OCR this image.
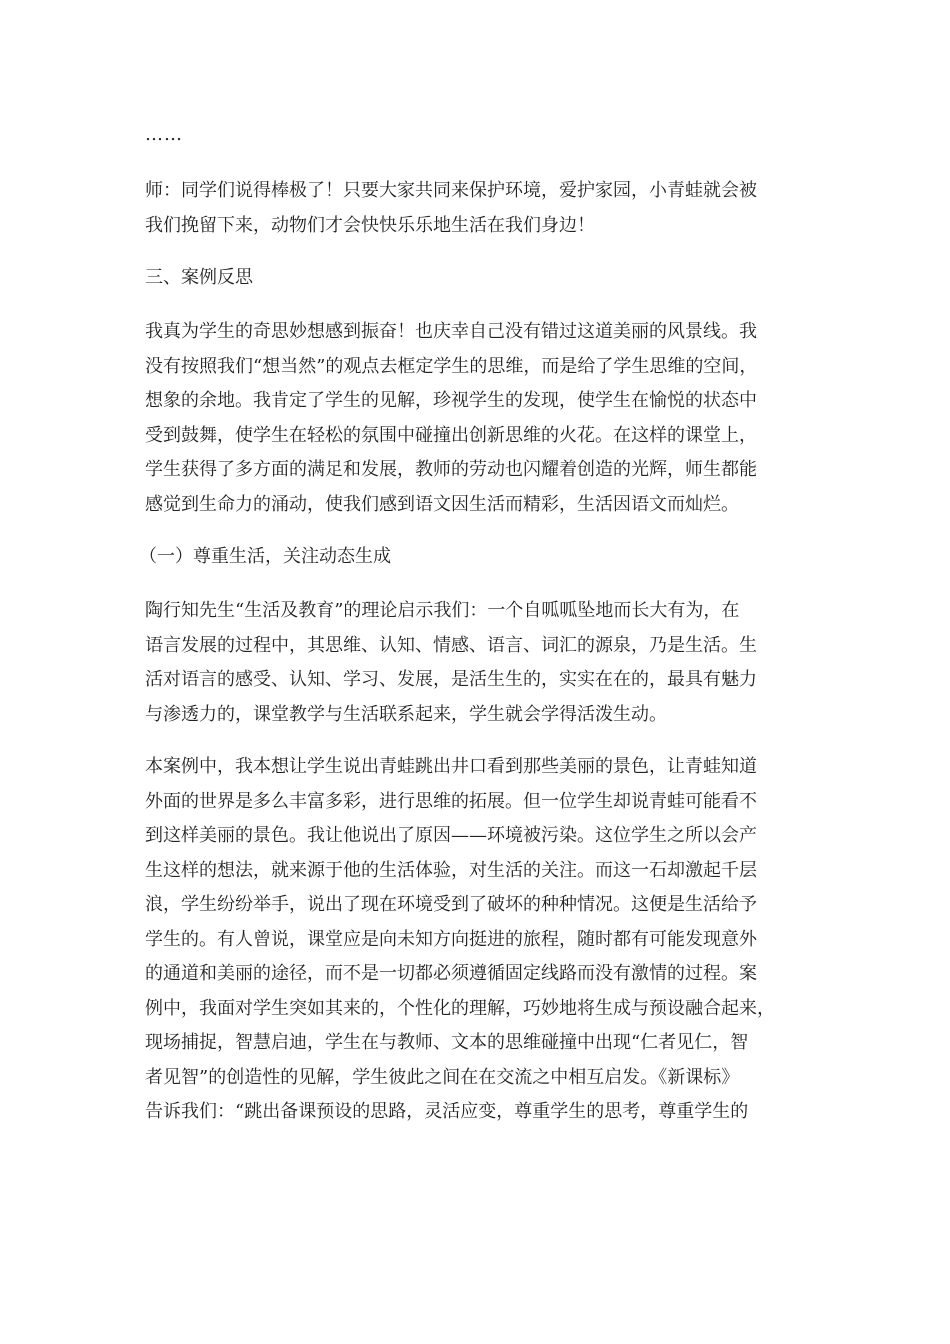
……
师：同学们说得棒极了！只要大家共同来保护环境，爱护家园，小青蛙就会被
我们挽留下来，动物们才会快快乐乐地生活在我们身边！
三、案例反思
我真为学生的奇思妙想感到振奋！也庆幸自己没有错过这道美丽的风景线。我
没有按照我们“想当然”的观点去框定学生的思维，而是给了学生思维的空间，
想象的余地。我肯定了学生的见解，珍视学生的发现，使学生在愉悦的状态中
受到鼓舞，使学生在轻松的氛围中碰撞出创新思维的火花。在这样的课堂上，
学生获得了多方面的满足和发展，教师的劳动也闪耀着创造的光辉，师生都能
感觉到生命力的涌动，使我们感到语文因生活而精彩，生活因语文而灿烂。
（一）尊重生活，关注动态生成
陶行知先生“生活及教育”的理论启示我们：一个自呱呱坠地而长大有为，在
语言发展的过程中，其思维、认知、情感、语言、词汇的源泉，乃是生活。生
活对语言的感受、认知、学习、发展，是活生生的，实实在在的，最具有魅力
与渗透力的，课堂教学与生活联系起来，学生就会学得活泼生动。
本案例中，我本想让学生说出青蛙跳出井口看到那些美丽的景色，让青蛙知道
外面的世界是多么丰富多彩，进行思维的拓展。但一位学生却说青蛙可能看不
到这样美丽的景色。我让他说出了原因——环境被污染。这位学生之所以会产
生这样的想法，就来源于他的生活体验，对生活的关注。而这一石却激起千层
浪，学生纷纷举手，说出了现在环境受到了破坏的种种情况。这便是生活给予
学生的。有人曾说，课堂应是向未知方向挺进的旅程，随时都有可能发现意外
的通道和美丽的途径，而不是一切都必须遵循固定线路而没有激情的过程。案
例中，我面对学生突如其来的，个性化的理解，巧妙地将生成与预设融合起来，
现场捕捉，智慧启迪，学生在与教师、文本的思维碰撞中出现“仁者见仁，智
者见智”的创造性的见解，学生彼此之间在在交流之中相互启发。《新课标》
告诉我们：“跳出备课预设的思路，灵活应变，尊重学生的思考，尊重学生的
